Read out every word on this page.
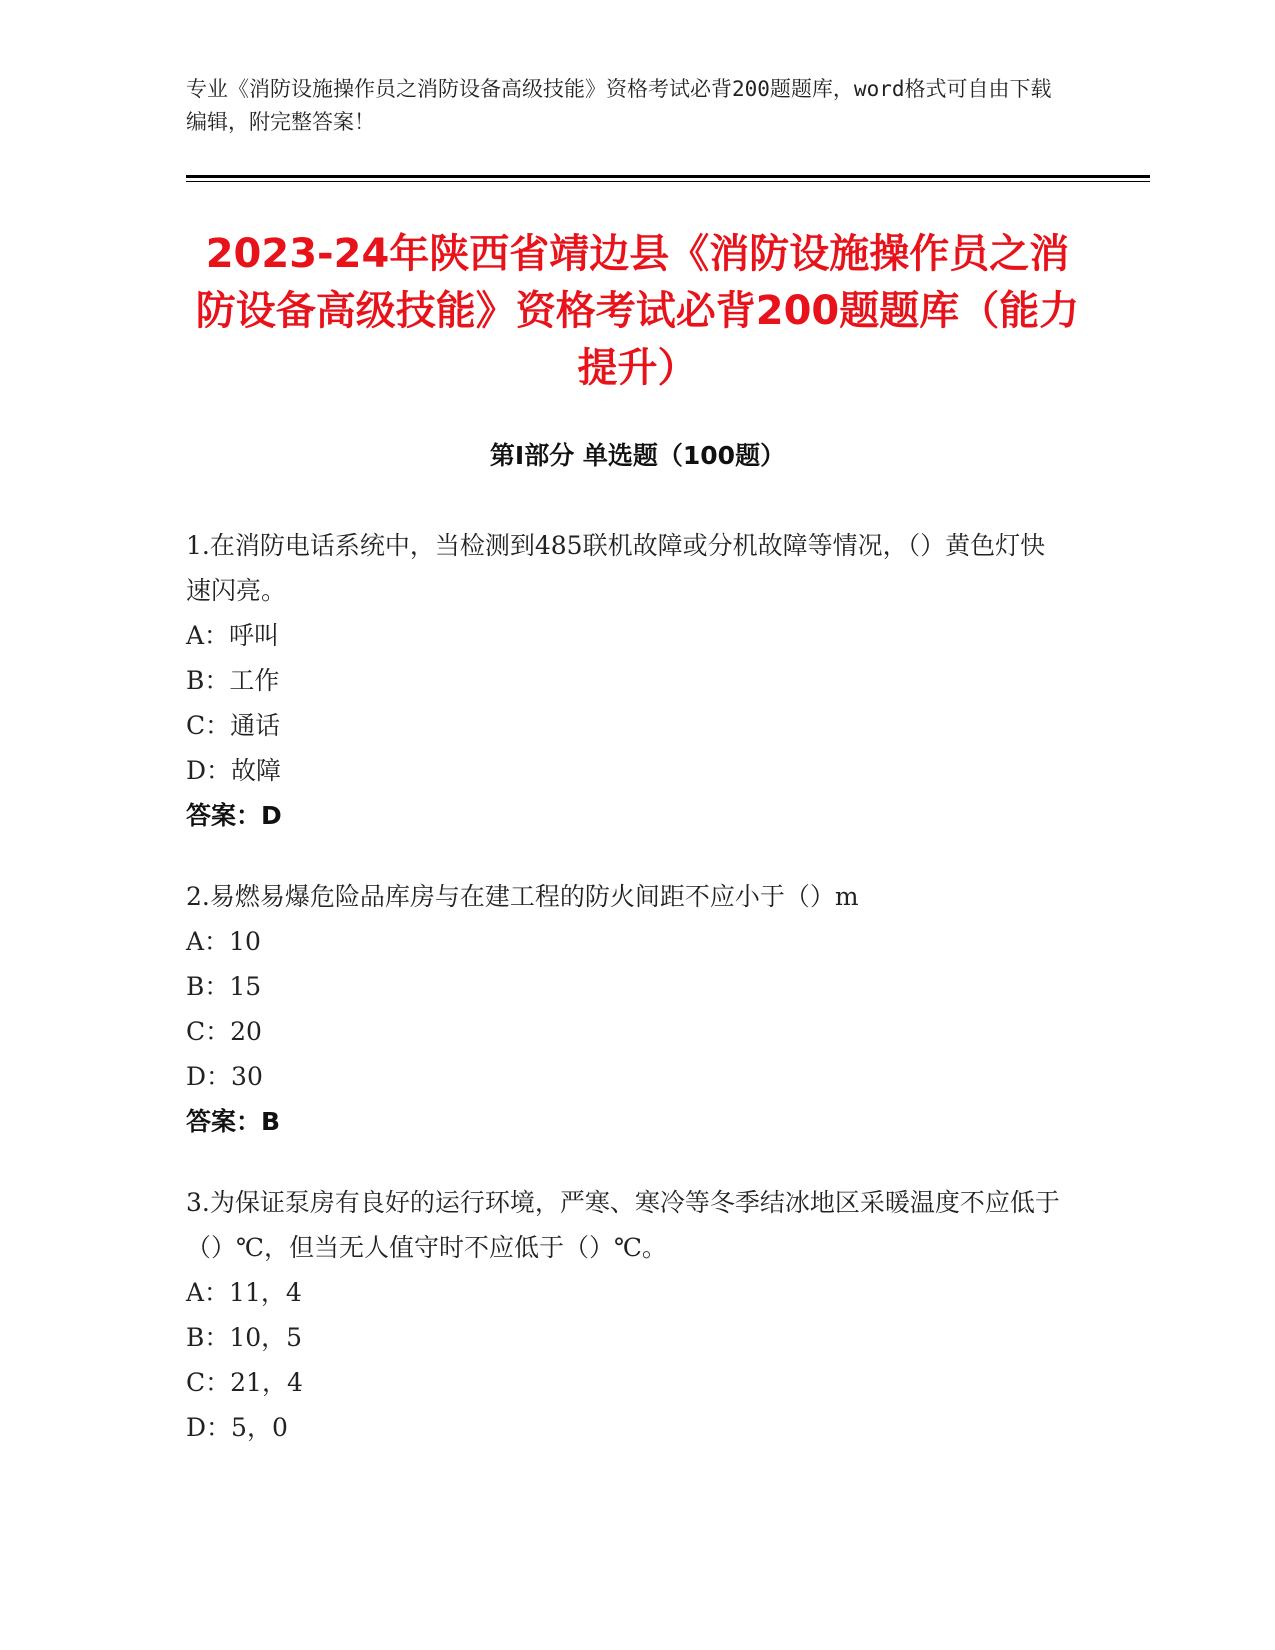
专业《消防设施操作员之消防设备高级技能》资格考试必背200题题库，word格式可自由下载编辑，附完整答案！
2023-24年陕西省靖边县《消防设施操作员之消防设备高级技能》资格考试必背200题题库（能力提升）
第I部分 单选题（100题）
1.在消防电话系统中，当检测到485联机故障或分机故障等情况，（）黄色灯快速闪亮。
A：呼叫
B：工作
C：通话
D：故障
答案：D
2.易燃易爆危险品库房与在建工程的防火间距不应小于（）m
A：10
B：15
C：20
D：30
答案：B
3.为保证泵房有良好的运行环境，严寒、寒冷等冬季结冰地区采暖温度不应低于（）℃，但当无人值守时不应低于（）℃。
A：11，4
B：10，5
C：21，4
D：5，0
